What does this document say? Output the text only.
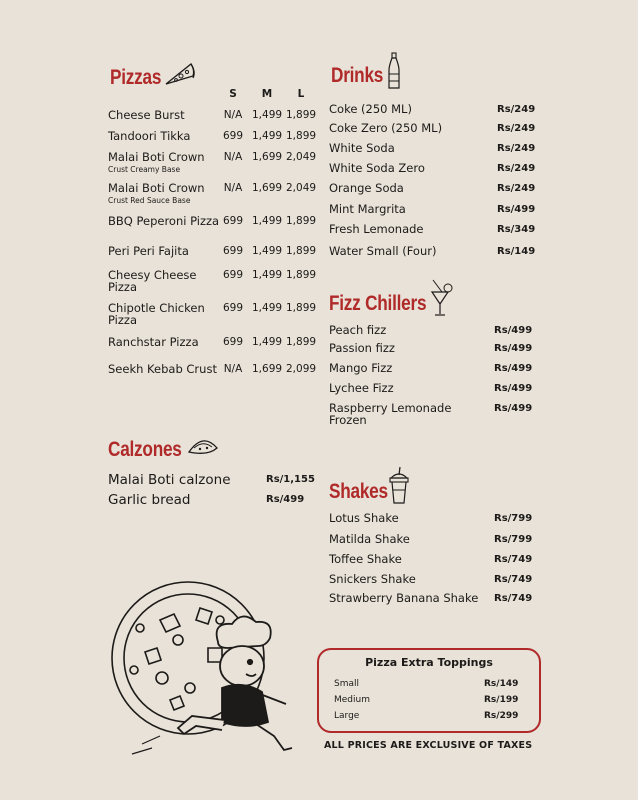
Pizzas
S	M	L
Cheese Burst	N/A 1,499 1,899
Tandoori Tikka	699 1,499 1,899
Malai Boti Crown
Crust Creamy Base
N/A 1,699 2,049
Malai Boti Crown
Crust Red Sauce Base
N/A 1,699 2,049
BBQ Peperoni Pizza 699 1,499 1,899
Peri Peri Fajita	699 1,499 1,899
Cheesy Cheese Pizza
699 1,499 1,899
Chipotle Chicken Pizza
699 1,499 1,899
Ranchstar Pizza	699 1,499 1,899
Seekh Kebab Crust N/A 1,699 2,099
Calzones
Malai Boti calzone	Rs/1,155
Garlic bread	Rs/499
Drinks
Coke (250 ML)	Rs/249
Coke Zero (250 ML)	Rs/249
White Soda	Rs/249
White Soda Zero	Rs/249
Orange Soda	Rs/249
Mint Margrita	Rs/499
Fresh Lemonade	Rs/349
Water Small (Four)	Rs/149
Fizz Chillers
Peach fizz	Rs/499
Passion fizz	Rs/499
Mango Fizz	Rs/499
Lychee Fizz	Rs/499
Raspberry Lemonade Frozen
Rs/499
Shakes
Lotus Shake	Rs/799
Matilda Shake	Rs/799
Toffee Shake	Rs/749
Snickers Shake	Rs/749
Strawberry Banana Shake	Rs/749
Pizza Extra Toppings
Small	Rs/149
Medium	Rs/199
Large	Rs/299
ALL PRICES ARE EXCLUSIVE OF TAXES
